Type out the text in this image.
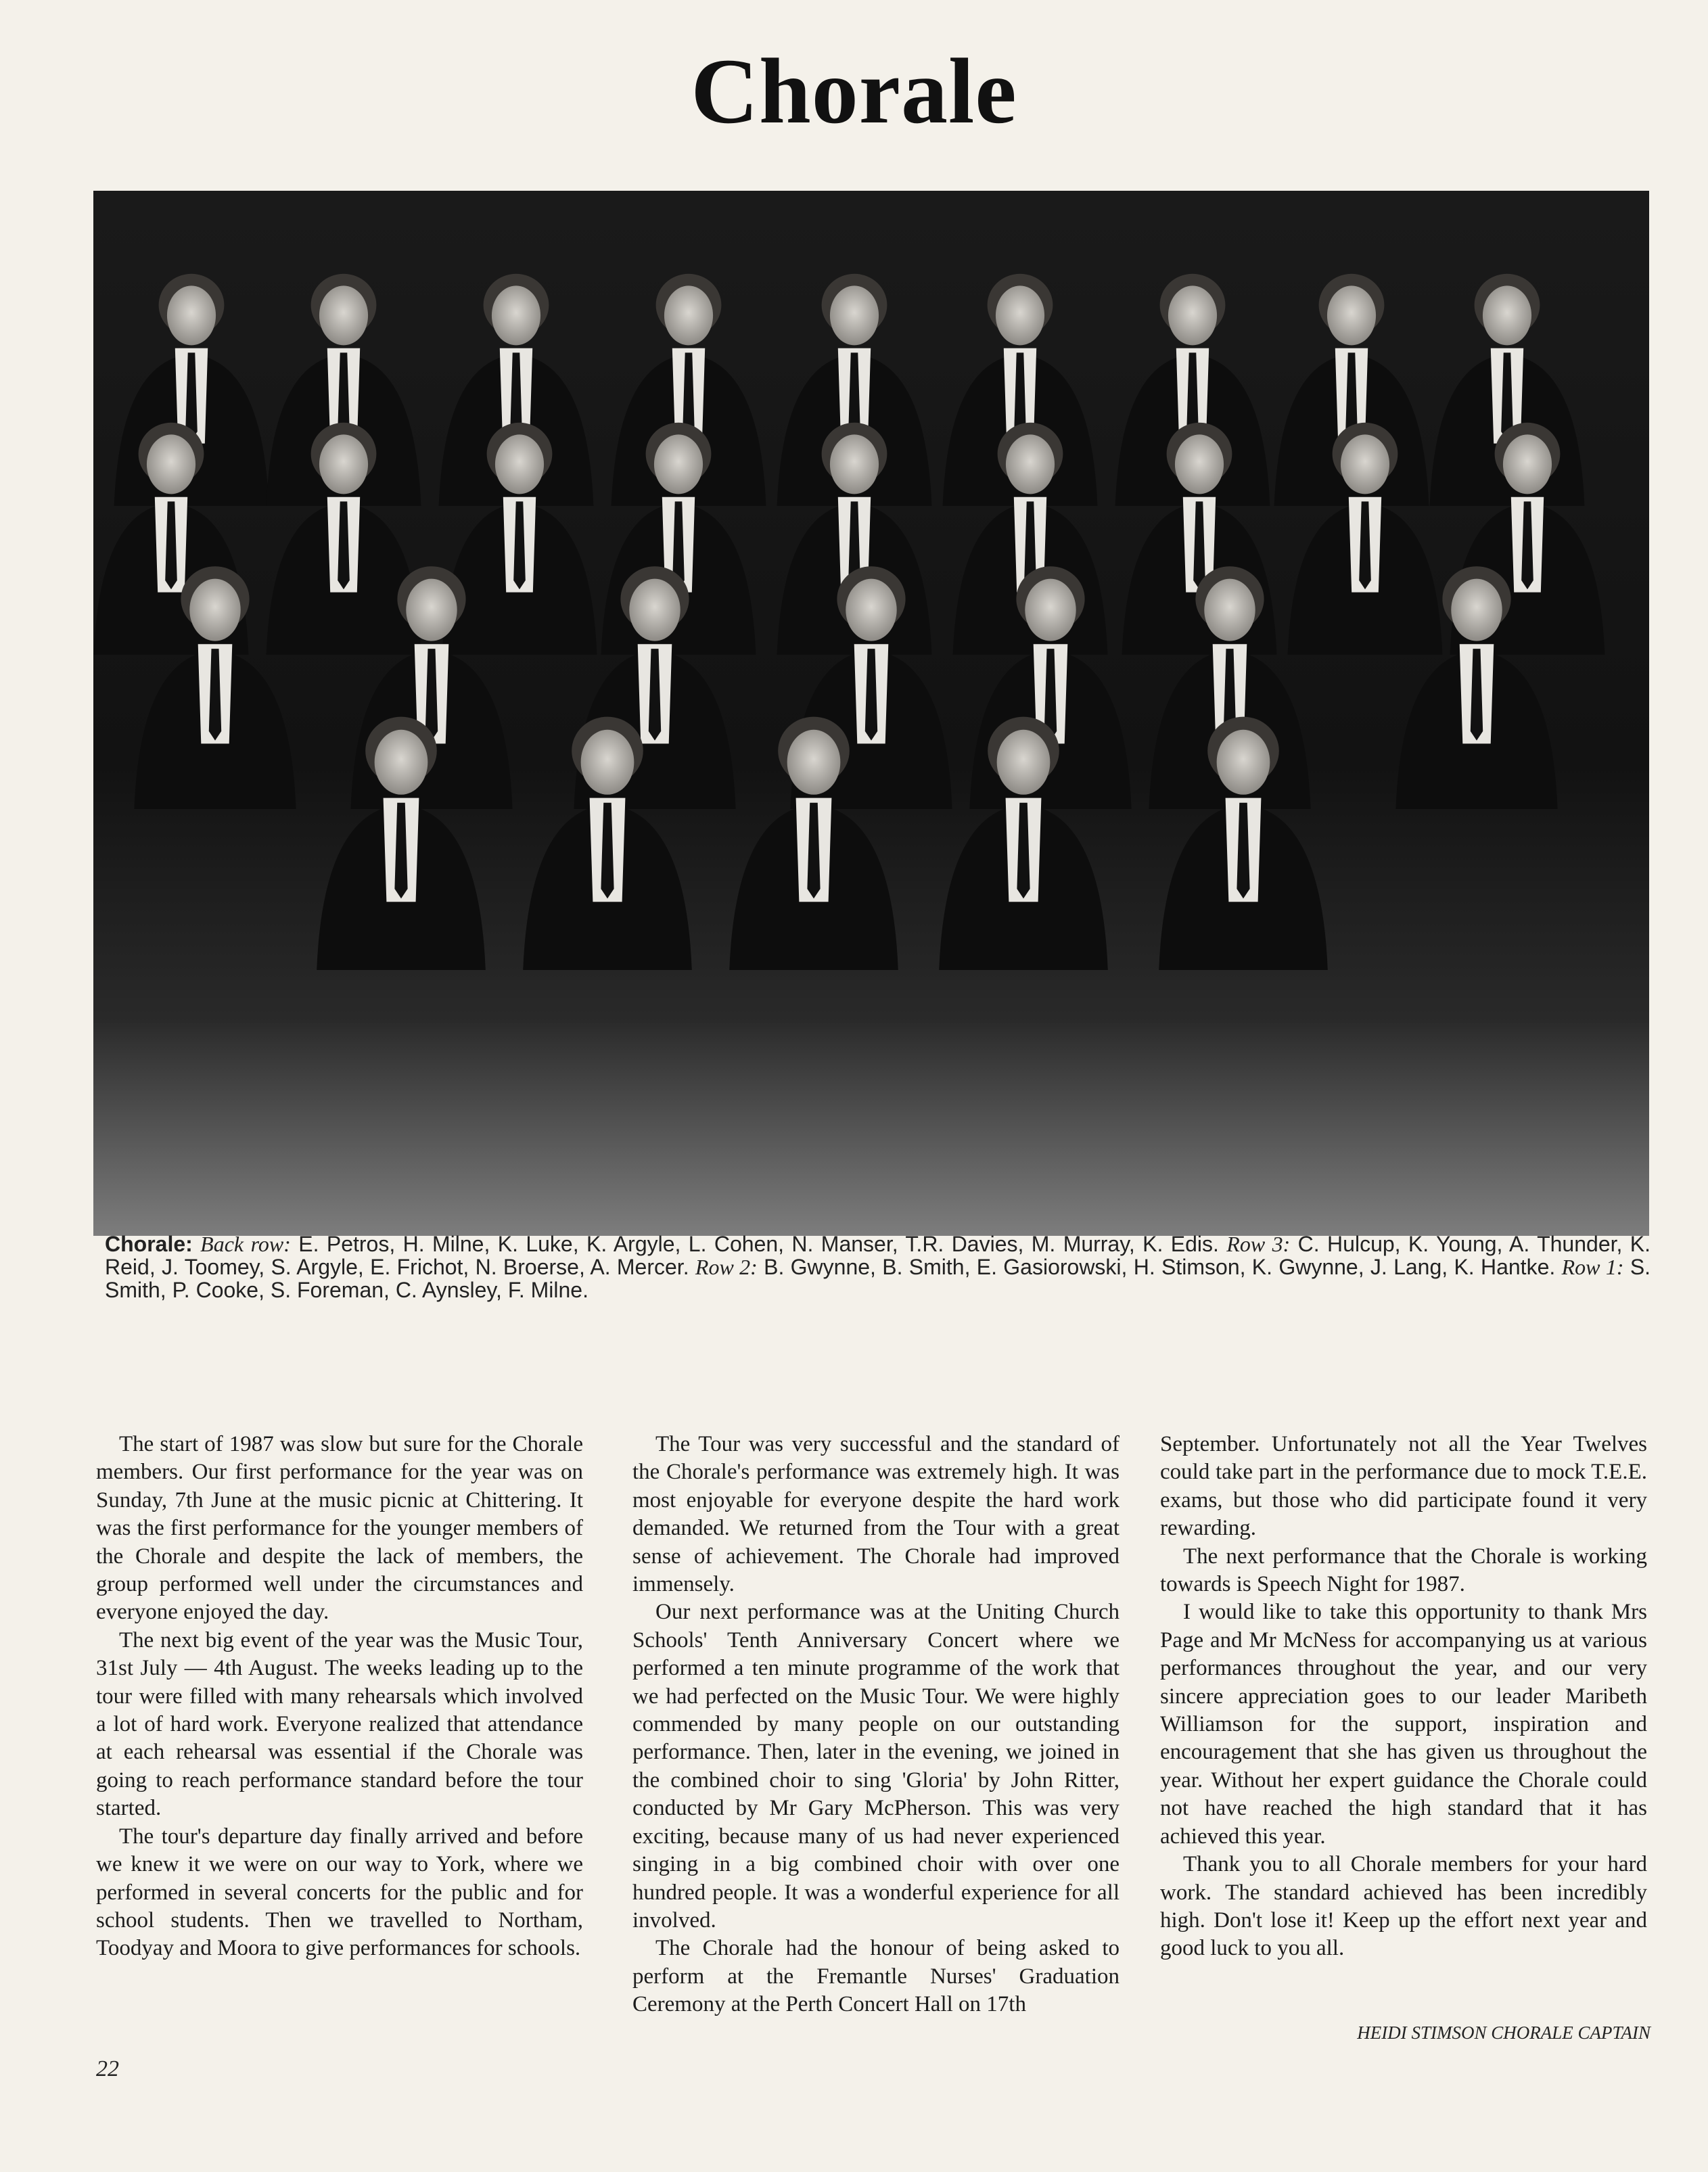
Chorale
Chorale: Back row: E. Petros, H. Milne, K. Luke, K. Argyle, L. Cohen, N. Manser, T.R. Davies, M. Murray, K. Edis. Row 3: C. Hulcup, K. Young, A. Thunder, K. Reid, J. Toomey, S. Argyle, E. Frichot, N. Broerse, A. Mercer. Row 2: B. Gwynne, B. Smith, E. Gasiorowski, H. Stimson, K. Gwynne, J. Lang, K. Hantke. Row 1: S. Smith, P. Cooke, S. Foreman, C. Aynsley, F. Milne.

The start of 1987 was slow but sure for the Chorale members. Our first performance for the year was on Sunday, 7th June at the music picnic at Chittering. It was the first performance for the younger members of the Chorale and despite the lack of members, the group performed well under the circumstances and everyone enjoyed the day.

The next big event of the year was the Music Tour, 31st July — 4th August. The weeks leading up to the tour were filled with many rehearsals which involved a lot of hard work. Everyone realized that attendance at each rehearsal was essential if the Chorale was going to reach performance standard before the tour started.

The tour's departure day finally arrived and before we knew it we were on our way to York, where we performed in several concerts for the public and for school students. Then we travelled to Northam, Toodyay and Moora to give performances for schools.

The Tour was very successful and the standard of the Chorale's performance was extremely high. It was most enjoyable for everyone despite the hard work demanded. We returned from the Tour with a great sense of achievement. The Chorale had improved immensely.

Our next performance was at the Uniting Church Schools' Tenth Anniversary Concert where we performed a ten minute programme of the work that we had perfected on the Music Tour. We were highly commended by many people on our outstanding performance. Then, later in the evening, we joined in the combined choir to sing 'Gloria' by John Ritter, conducted by Mr Gary McPherson. This was very exciting, because many of us had never experienced singing in a big combined choir with over one hundred people. It was a wonderful experience for all involved.

The Chorale had the honour of being asked to perform at the Fremantle Nurses' Graduation Ceremony at the Perth Concert Hall on 17th

September. Unfortunately not all the Year Twelves could take part in the performance due to mock T.E.E. exams, but those who did participate found it very rewarding.

The next performance that the Chorale is working towards is Speech Night for 1987.

I would like to take this opportunity to thank Mrs Page and Mr McNess for accompanying us at various performances throughout the year, and our very sincere appreciation goes to our leader Maribeth Williamson for the support, inspiration and encouragement that she has given us throughout the year. Without her expert guidance the Chorale could not have reached the high standard that it has achieved this year.

Thank you to all Chorale members for your hard work. The standard achieved has been incredibly high. Don't lose it! Keep up the effort next year and good luck to you all.

HEIDI STIMSON CHORALE CAPTAIN
22
